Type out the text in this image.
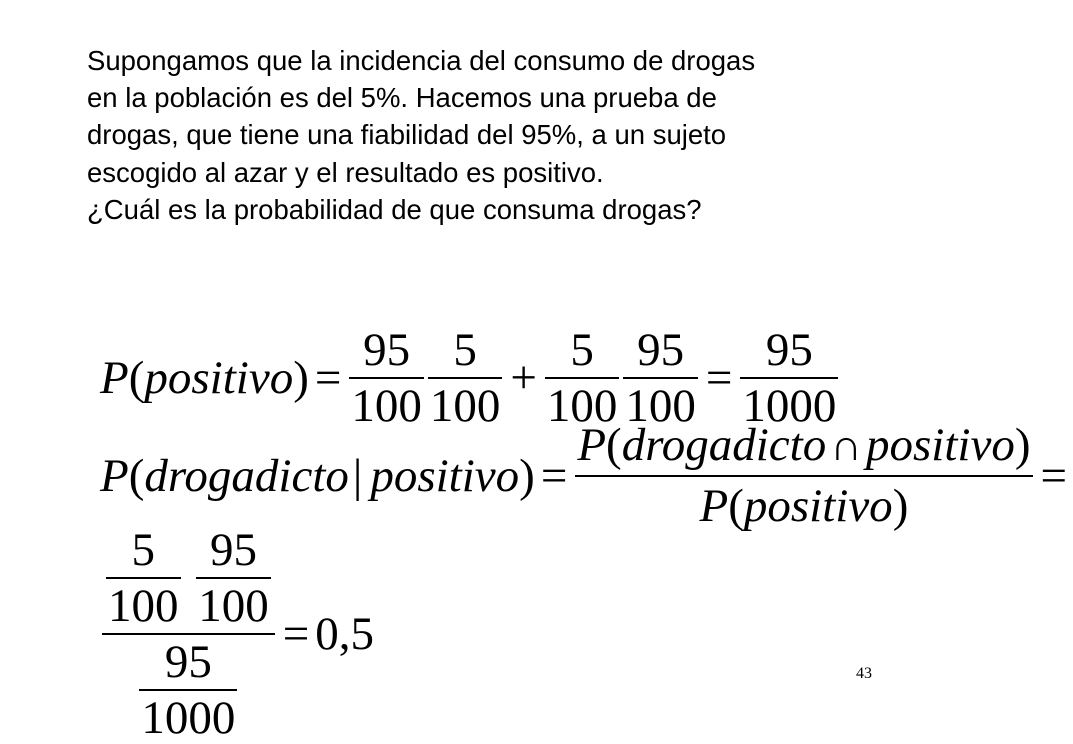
Supongamos que la incidencia del consumo de drogas
en la población es del 5%. Hacemos una prueba de
drogas, que tiene una fiabilidad del 95%, a un sujeto
escogido al azar y el resultado es positivo.
¿Cuál es la probabilidad de que consuma drogas?
P ( positivo ) = $\frac{95}{100} \frac{5}{100} + \frac{5}{100} \frac{95}{100} = \frac{95}{1000}$
P ( drogadicto | positivo ) = $\frac{\text{P(drogadicto∩positivo)}}{\text{P(positivo)}}$ =
$\frac{5}{100}$
$\frac{95}{100}$
$\frac{95}{1000}$
= 0,5
43
